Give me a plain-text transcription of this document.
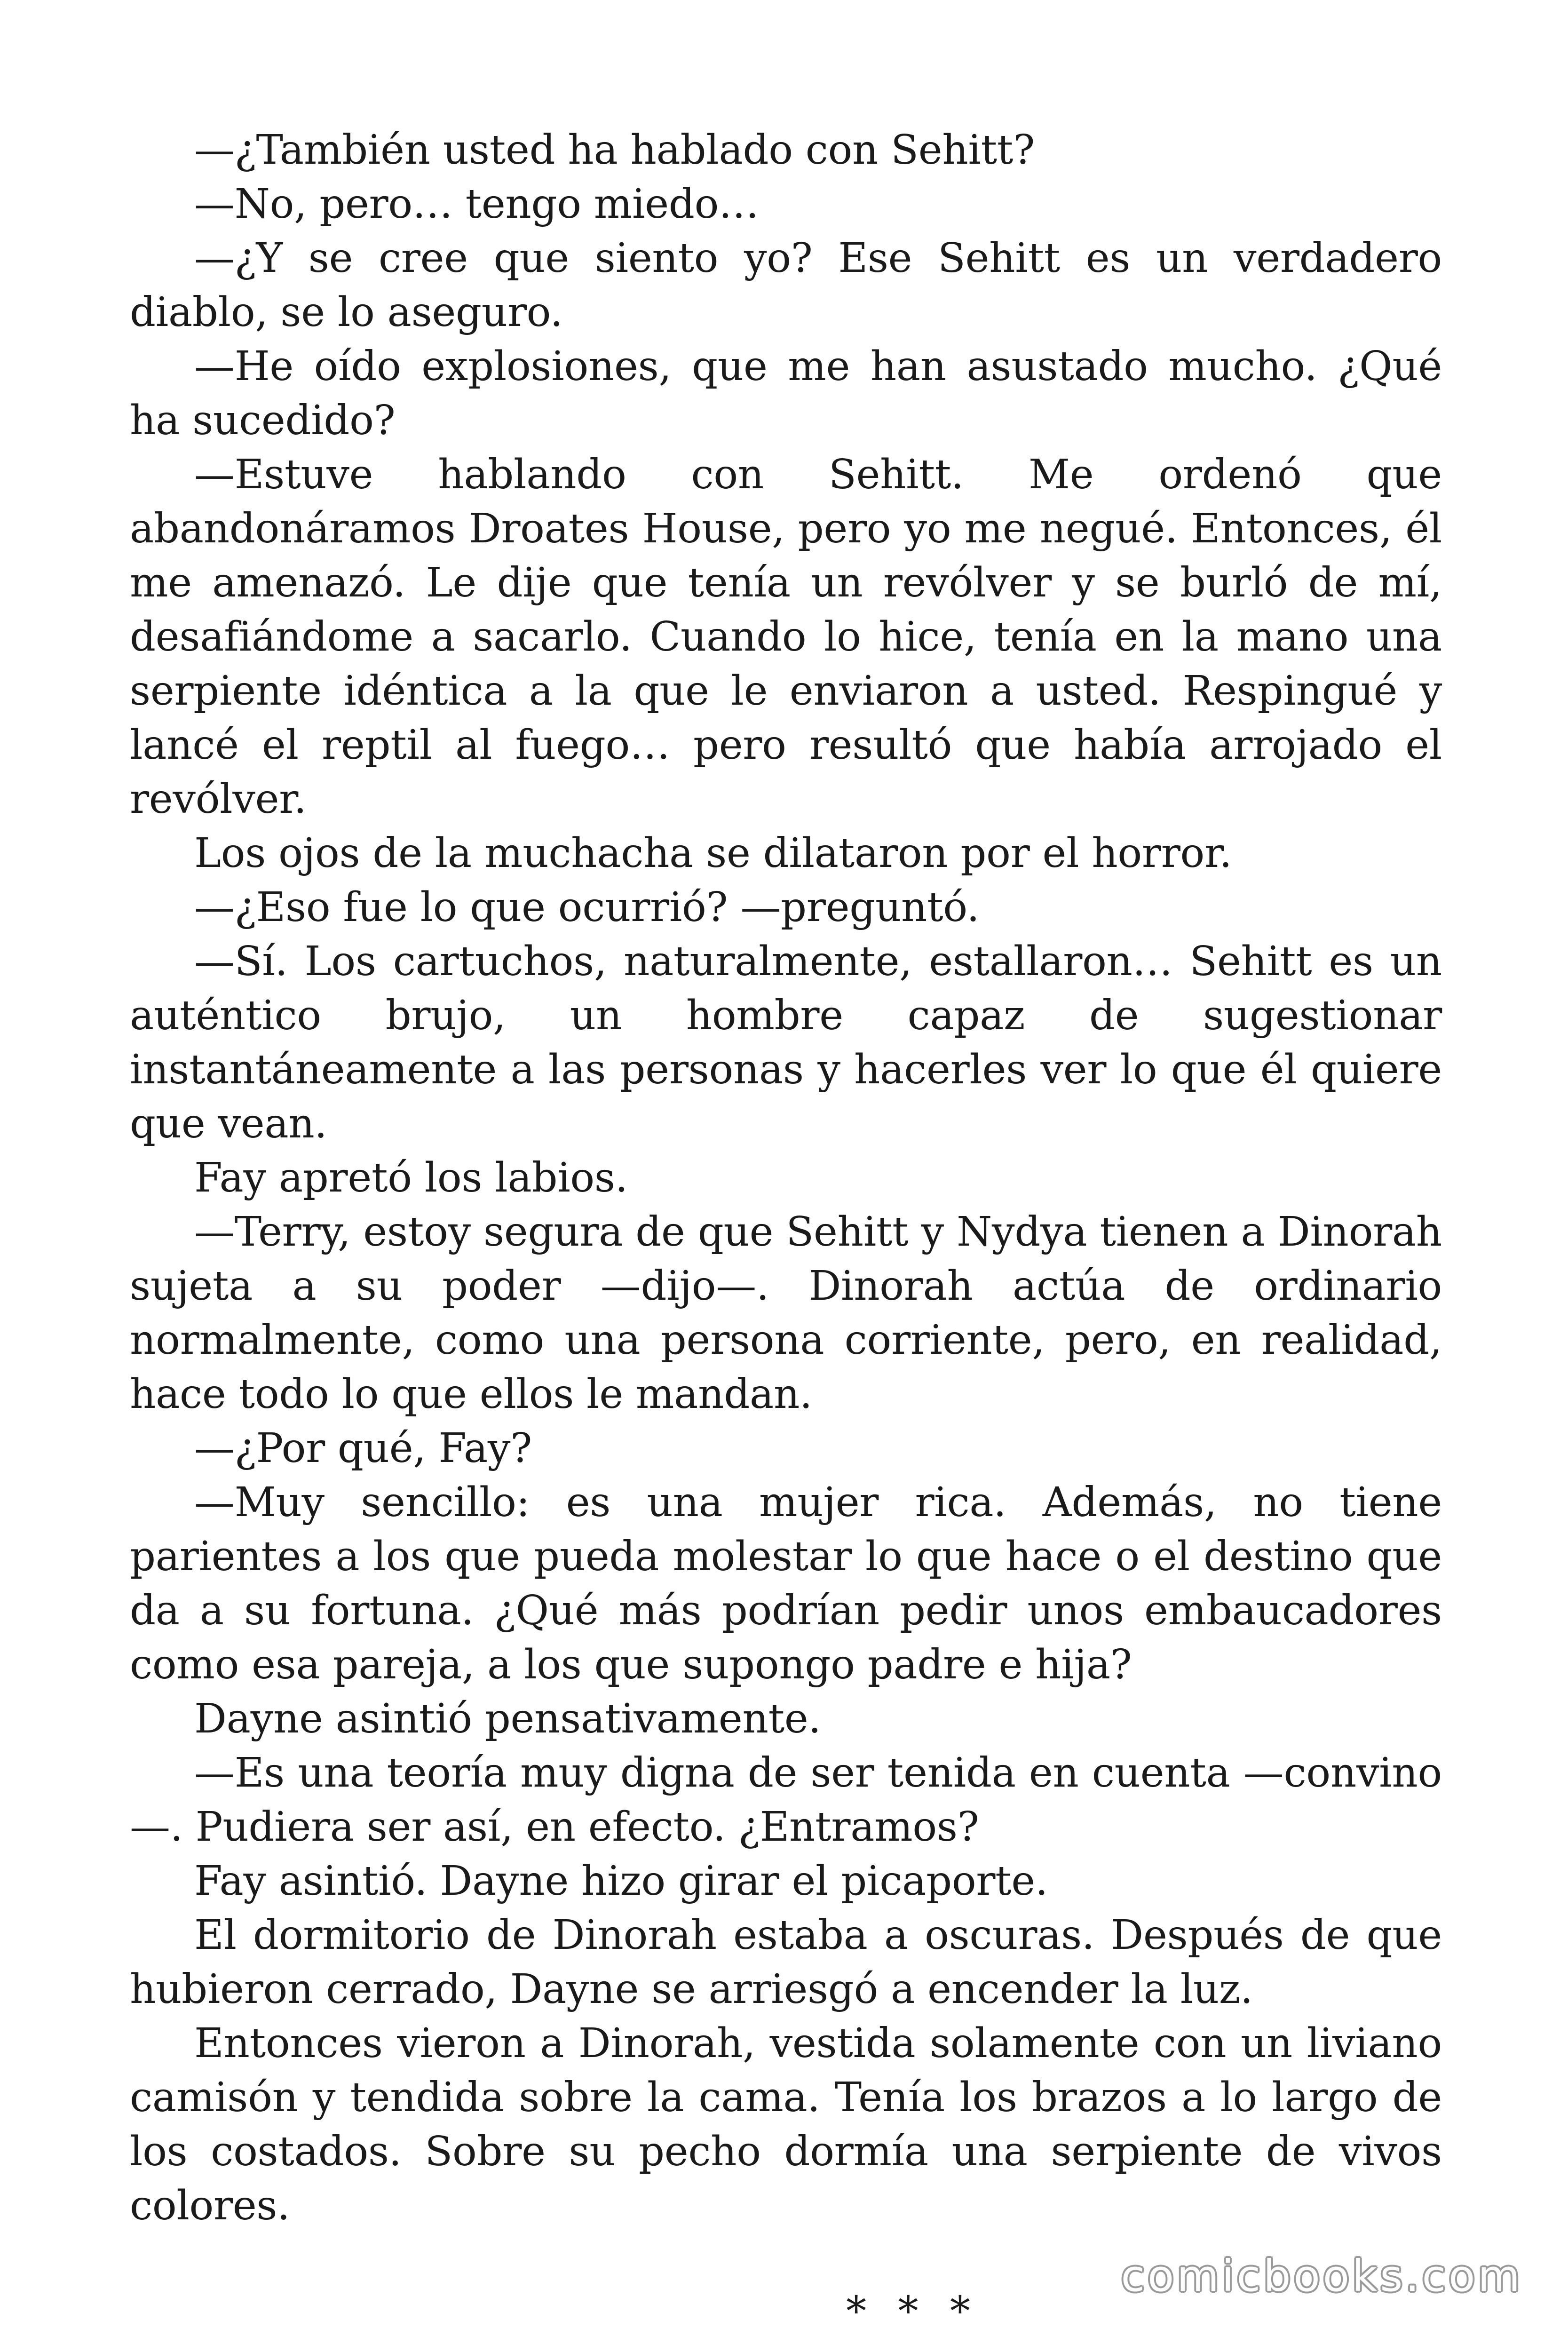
—¿También usted ha hablado con Sehitt?

—No, pero… tengo miedo…

—¿Y se cree que siento yo? Ese Sehitt es un verdadero diablo, se lo aseguro.

—He oído explosiones, que me han asustado mucho. ¿Qué ha sucedido?

—Estuve hablando con Sehitt. Me ordenó que abandonáramos Droates House, pero yo me negué. Entonces, él me amenazó. Le dije que tenía un revólver y se burló de mí, desafiándome a sacarlo. Cuando lo hice, tenía en la mano una serpiente idéntica a la que le enviaron a usted. Respingué y lancé el reptil al fuego… pero resultó que había arrojado el revólver.

Los ojos de la muchacha se dilataron por el horror.

—¿Eso fue lo que ocurrió? —preguntó.

—Sí. Los cartuchos, naturalmente, estallaron… Sehitt es un auténtico brujo, un hombre capaz de sugestionar instantáneamente a las personas y hacerles ver lo que él quiere que vean.

Fay apretó los labios.

—Terry, estoy segura de que Sehitt y Nydya tienen a Dinorah sujeta a su poder —dijo—. Dinorah actúa de ordinario normalmente, como una persona corriente, pero, en realidad, hace todo lo que ellos le mandan.

—¿Por qué, Fay?

—Muy sencillo: es una mujer rica. Además, no tiene parientes a los que pueda molestar lo que hace o el destino que da a su fortuna. ¿Qué más podrían pedir unos embaucadores como esa pareja, a los que supongo padre e hija?

Dayne asintió pensativamente.

—Es una teoría muy digna de ser tenida en cuenta —convino—. Pudiera ser así, en efecto. ¿Entramos?

Fay asintió. Dayne hizo girar el picaporte.

El dormitorio de Dinorah estaba a oscuras. Después de que hubieron cerrado, Dayne se arriesgó a encender la luz.

Entonces vieron a Dinorah, vestida solamente con un liviano camisón y tendida sobre la cama. Tenía los brazos a lo largo de los costados. Sobre su pecho dormía una serpiente de vivos colores.

* * *
comicbooks.com
